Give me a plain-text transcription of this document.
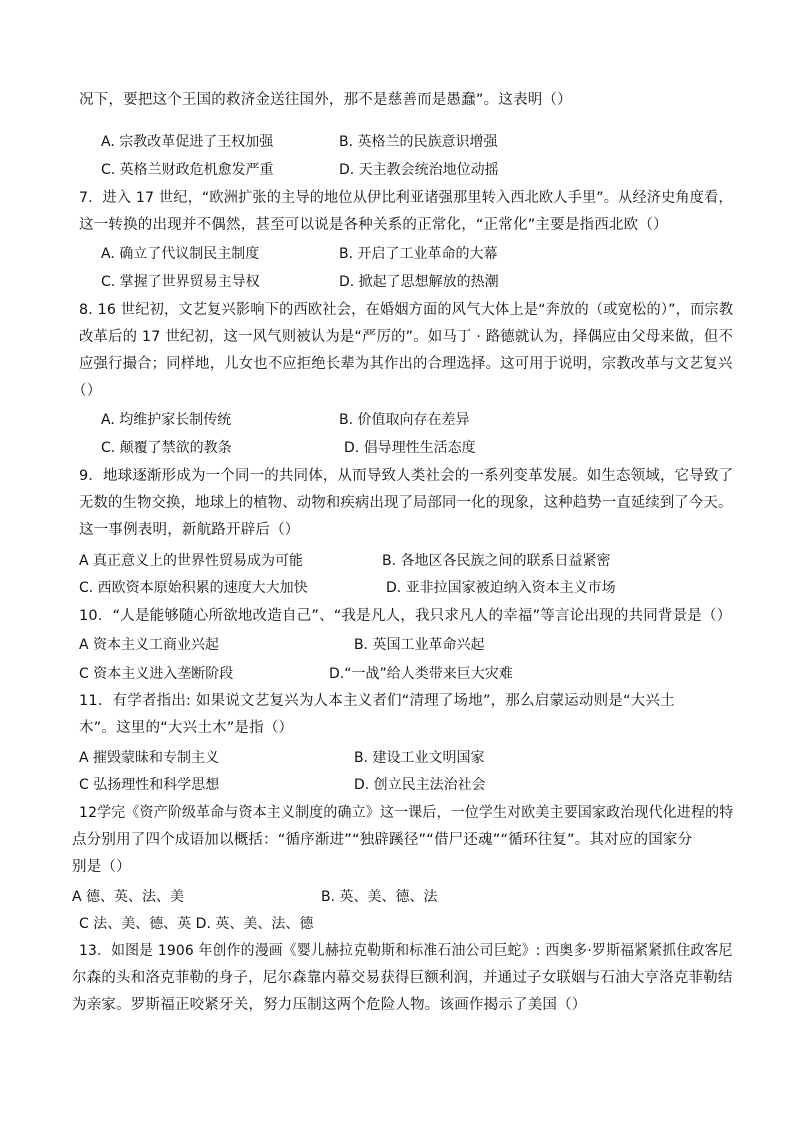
况下，要把这个王国的救济金送往国外，那不是慈善而是愚蠢”。这表明（）
A. 宗教改革促进了王权加强	B. 英格兰的民族意识增强
C. 英格兰财政危机愈发严重	D. 天主教会统治地位动摇
7．进入 17 世纪，“欧洲扩张的主导的地位从伊比利亚诸强那里转入西北欧人手里”。从经济史角度看，
这一转换的出现并不偶然，甚至可以说是各种关系的正常化，“正常化”主要是指西北欧（）
A. 确立了代议制民主制度	B. 开启了工业革命的大幕
C. 掌握了世界贸易主导权	D. 掀起了思想解放的热潮
8. 16 世纪初，文艺复兴影响下的西欧社会，在婚姻方面的风气大体上是“奔放的（或宽松的）”，而宗教
改革后的 17 世纪初，这一风气则被认为是“严厉的”。如马丁 · 路德就认为，择偶应由父母来做，但不
应强行撮合；同样地，儿女也不应拒绝长辈为其作出的合理选择。这可用于说明，宗教改革与文艺复兴
（）
A. 均维护家长制传统	B. 价值取向存在差异
C. 颠覆了禁欲的教条	D. 倡导理性生活态度
9．地球逐渐形成为一个同一的共同体，从而导致人类社会的一系列变革发展。如生态领域，它导致了
无数的生物交换，地球上的植物、动物和疾病出现了局部同一化的现象，这种趋势一直延续到了今天。
这一事例表明，新航路开辟后（）
A 真正意义上的世界性贸易成为可能	B. 各地区各民族之间的联系日益紧密
C. 西欧资本原始积累的速度大大加快	D. 亚非拉国家被迫纳入资本主义市场
10．“人是能够随心所欲地改造自己”、“我是凡人，我只求凡人的幸福”等言论出现的共同背景是（）
A 资本主义工商业兴起	B. 英国工业革命兴起
C 资本主义进入垄断阶段	D.“一战”给人类带来巨大灾难
11．有学者指出: 如果说文艺复兴为人本主义者们“清理了场地”，那么启蒙运动则是“大兴土
木”。这里的“大兴土木”是指（）
A 摧毁蒙昧和专制主义	B. 建设工业文明国家
C 弘扬理性和科学思想	D. 创立民主法治社会
12学完《资产阶级革命与资本主义制度的确立》这一课后，一位学生对欧美主要国家政治现代化进程的特
点分别用了四个成语加以概括：“循序渐进”“独辟蹊径”“借尸还魂”“循环往复”。其对应的国家分
别是（）
A 德、英、法、美	B. 英、美、德、法
C 法、美、德、英 D. 英、美、法、德
13．如图是 1906 年创作的漫画《婴儿赫拉克勒斯和标准石油公司巨蛇》: 西奥多·罗斯福紧紧抓住政客尼
尔森的头和洛克菲勒的身子，尼尔森靠内幕交易获得巨额利润，并通过子女联姻与石油大亨洛克菲勒结
为亲家。罗斯福正咬紧牙关，努力压制这两个危险人物。该画作揭示了美国（）
